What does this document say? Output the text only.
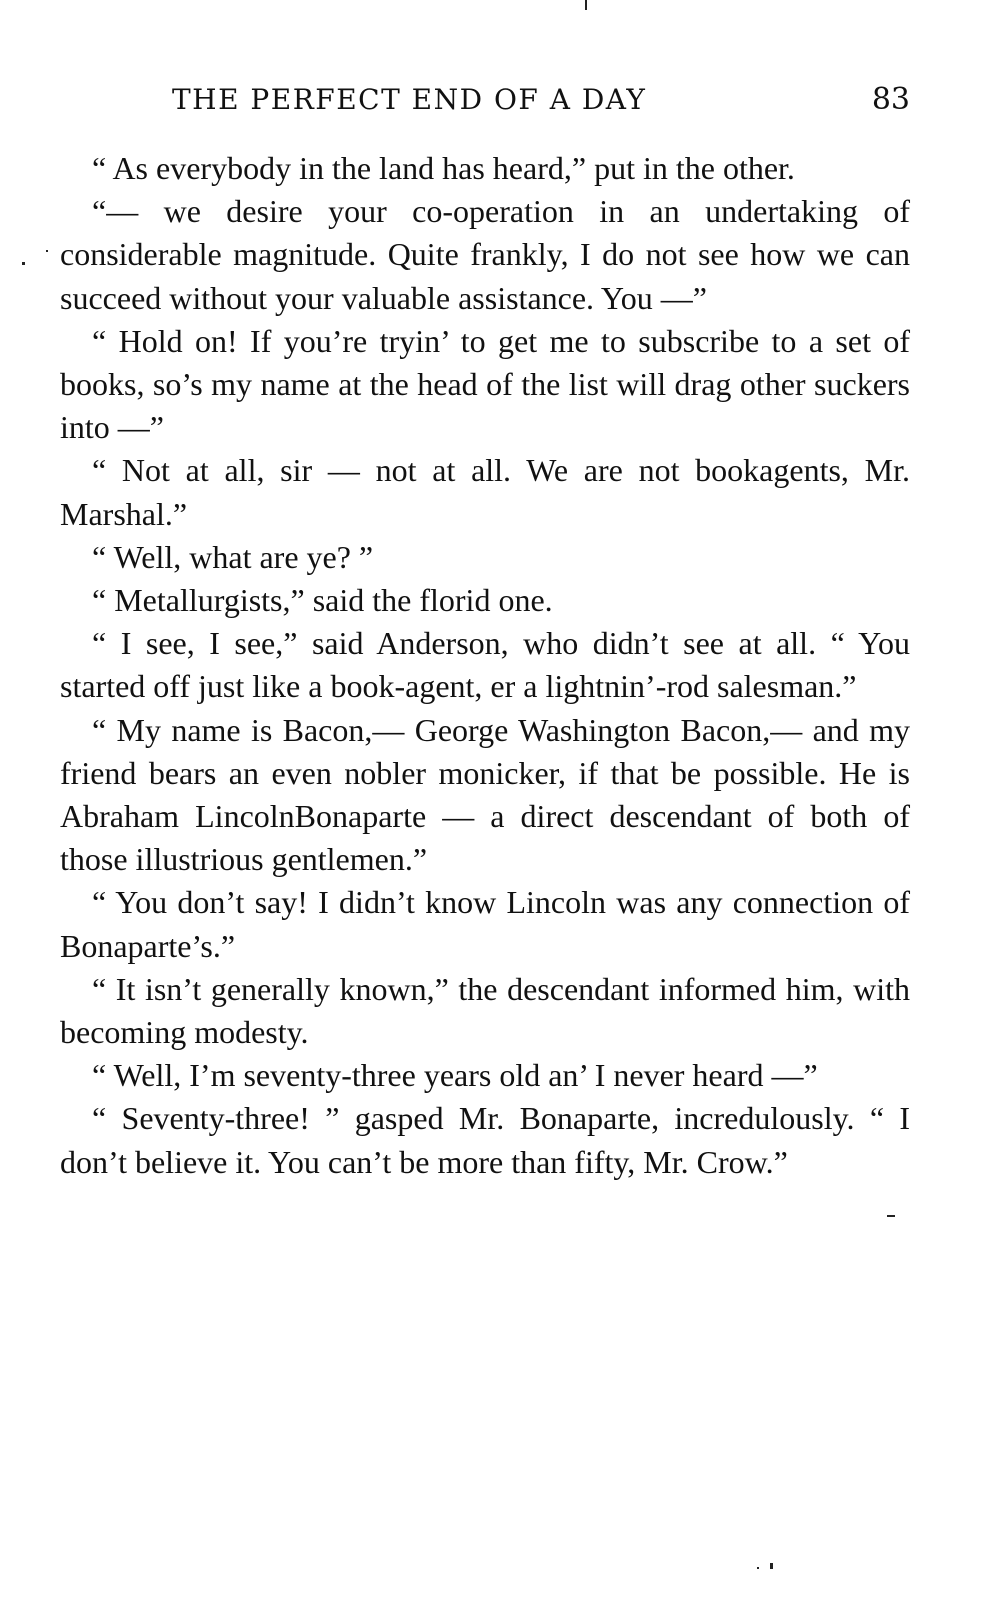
THE PERFECT END OF A DAY	83

“ As everybody in the land has heard,” put in the other.

“— we desire your co-operation in an undertaking of considerable magnitude. Quite frankly, I do not see how we can succeed without your valuable assistance. You —”

“ Hold on! If you’re tryin’ to get me to subscribe to a set of books, so’s my name at the head of the list will drag other suckers into —”

“ Not at all, sir — not at all. We are not bookagents, Mr. Marshal.”

“ Well, what are ye? ”

“ Metallurgists,” said the florid one.

“ I see, I see,” said Anderson, who didn’t see at all. “ You started off just like a book-agent, er a lightnin’-rod salesman.”

“ My name is Bacon,— George Washington Bacon,— and my friend bears an even nobler monicker, if that be possible. He is Abraham LincolnBonaparte — a direct descendant of both of those illustrious gentlemen.”

“ You don’t say! I didn’t know Lincoln was any connection of Bonaparte’s.”

“ It isn’t generally known,” the descendant informed him, with becoming modesty.

“ Well, I’m seventy-three years old an’ I never heard —”

“ Seventy-three! ” gasped Mr. Bonaparte, incredulously. “ I don’t believe it. You can’t be more than fifty, Mr. Crow.”
